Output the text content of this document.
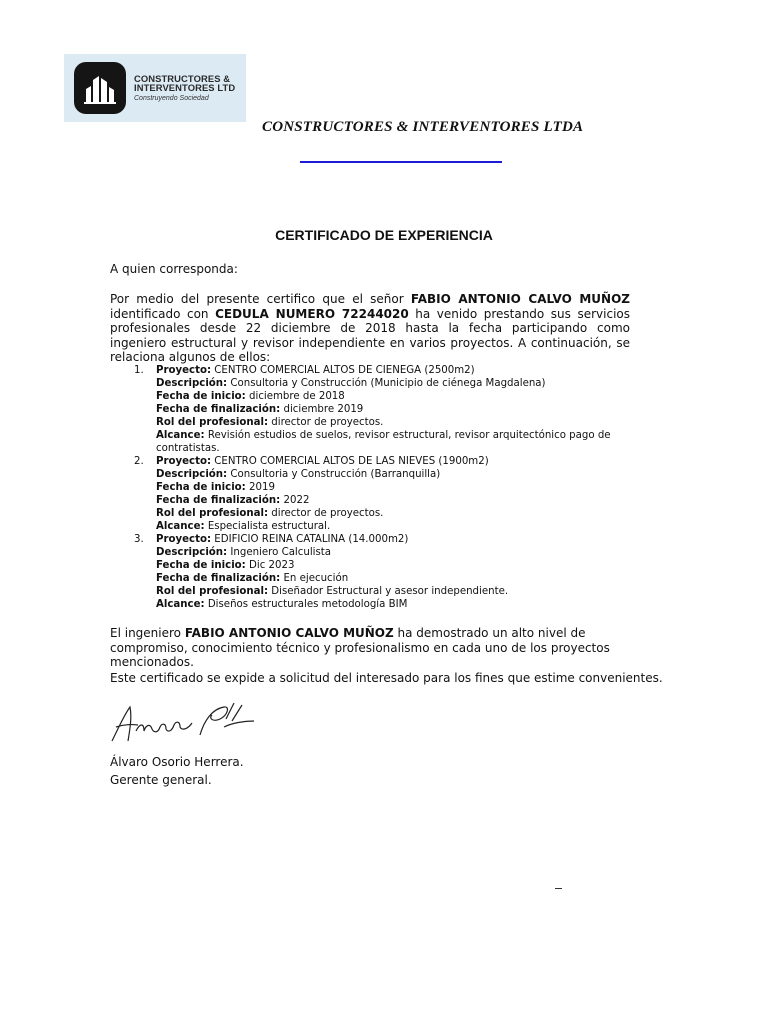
CONSTRUCTORES &
INTERVENTORES LTD
Construyendo Sociedad

CONSTRUCTORES & INTERVENTORES LTDA

CERTIFICADO DE EXPERIENCIA

A quien corresponda:

Por medio del presente certifico que el señor FABIO ANTONIO CALVO MUÑOZ identificado con CEDULA NUMERO 72244020 ha venido prestando sus servicios profesionales desde 22 diciembre de 2018 hasta la fecha participando como ingeniero estructural y revisor independiente en varios proyectos. A continuación, se relaciona algunos de ellos:

1. Proyecto: CENTRO COMERCIAL ALTOS DE CIENEGA (2500m2)
Descripción: Consultoria y Construcción (Municipio de ciénega Magdalena)
Fecha de inicio: diciembre de 2018
Fecha de finalización: diciembre 2019
Rol del profesional: director de proyectos.
Alcance: Revisión estudios de suelos, revisor estructural, revisor arquitectónico pago de contratistas.
2. Proyecto: CENTRO COMERCIAL ALTOS DE LAS NIEVES (1900m2)
Descripción: Consultoria y Construcción (Barranquilla)
Fecha de inicio: 2019
Fecha de finalización: 2022
Rol del profesional: director de proyectos.
Alcance: Especialista estructural.
3. Proyecto: EDIFICIO REINA CATALINA (14.000m2)
Descripción: Ingeniero Calculista
Fecha de inicio: Dic 2023
Fecha de finalización: En ejecución
Rol del profesional: Diseñador Estructural y asesor independiente.
Alcance: Diseños estructurales metodología BIM

El ingeniero FABIO ANTONIO CALVO MUÑOZ ha demostrado un alto nivel de compromiso, conocimiento técnico y profesionalismo en cada uno de los proyectos mencionados.

Este certificado se expide a solicitud del interesado para los fines que estime convenientes.

Álvaro Osorio Herrera.

Gerente general.
